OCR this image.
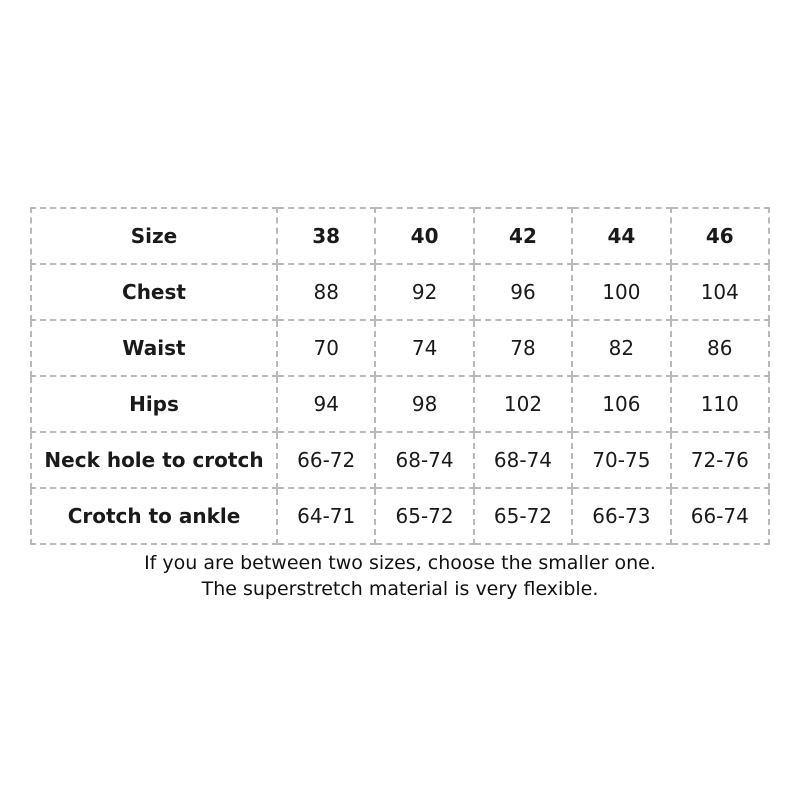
Size	38	40	42	44	46
Chest	88	92	96	100	104
Waist	70	74	78	82	86
Hips	94	98	102	106	110
Neck hole to crotch	66-72	68-74	68-74	70-75	72-76
Crotch to ankle	64-71	65-72	65-72	66-73	66-74
If you are between two sizes, choose the smaller one.
The superstretch material is very flexible.
